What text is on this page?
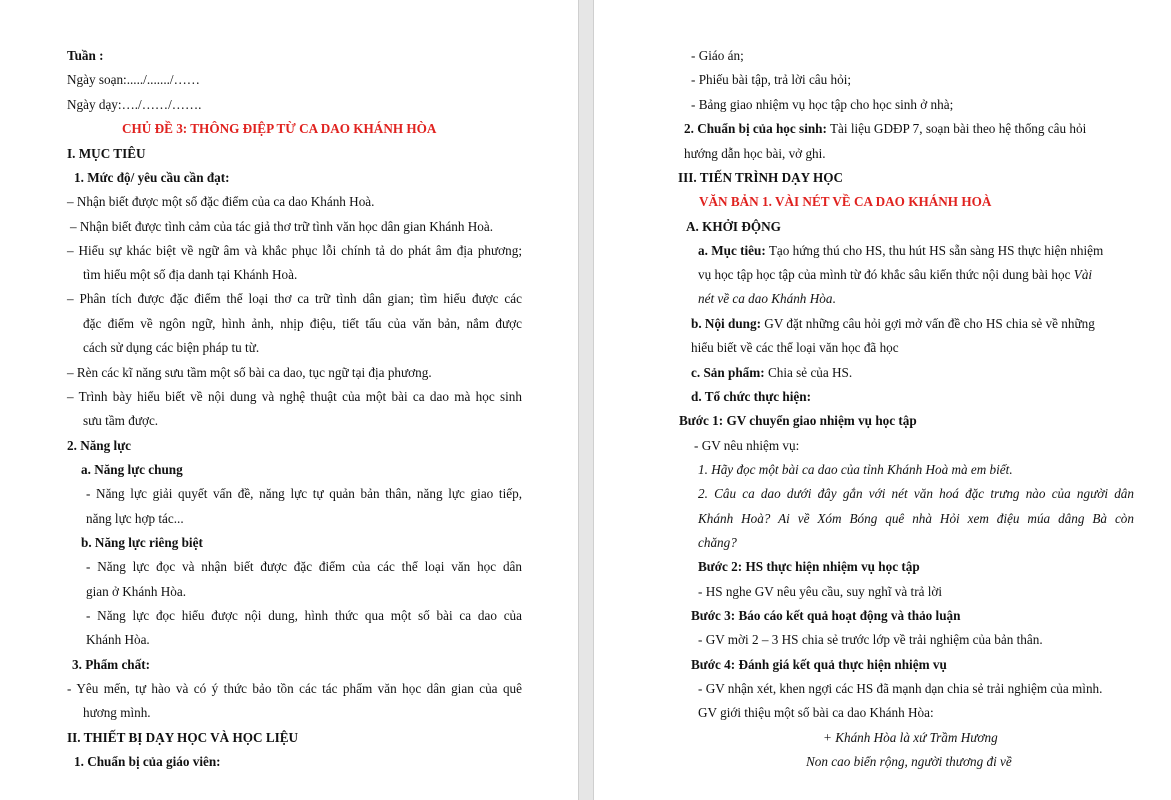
Tuần :
Ngày soạn:...../......./……
Ngày dạy:…./……/…….
CHỦ ĐỀ 3: THÔNG ĐIỆP TỪ CA DAO KHÁNH HÒA
I. MỤC TIÊU
1. Mức độ/ yêu cầu cần đạt:
– Nhận biết được một số đặc điểm của ca dao Khánh Hoà.
– Nhận biết được tình cảm của tác giả thơ trữ tình văn học dân gian Khánh Hoà.
– Hiểu sự khác biệt về ngữ âm và khắc phục lỗi chính tả do phát âm địa phương;
tìm hiểu một số địa danh tại Khánh Hoà.
– Phân tích được đặc điểm thể loại thơ ca trữ tình dân gian; tìm hiểu được các
đặc điểm về ngôn ngữ, hình ảnh, nhịp điệu, tiết tấu của văn bản, nắm được
cách sử dụng các biện pháp tu từ.
– Rèn các kĩ năng sưu tầm một số bài ca dao, tục ngữ tại địa phương.
– Trình bày hiểu biết về nội dung và nghệ thuật của một bài ca dao mà học sinh
sưu tầm được.
2. Năng lực
a. Năng lực chung
- Năng lực giải quyết vấn đề, năng lực tự quản bản thân, năng lực giao tiếp,
năng lực hợp tác...
b. Năng lực riêng biệt
- Năng lực đọc và nhận biết được đặc điểm của các thể loại văn học dân
gian ở Khánh Hòa.
- Năng lực đọc hiểu được nội dung, hình thức qua một số bài ca dao của
Khánh Hòa.
3. Phẩm chất:
- Yêu mến, tự hào và có ý thức bảo tồn các tác phẩm văn học dân gian của quê
hương mình.
II. THIẾT BỊ DẠY HỌC VÀ HỌC LIỆU
1. Chuẩn bị của giáo viên:
- Giáo án;
- Phiếu bài tập, trả lời câu hỏi;
- Bảng giao nhiệm vụ học tập cho học sinh ở nhà;
2. Chuẩn bị của học sinh: Tài liệu GDĐP 7, soạn bài theo hệ thống câu hỏi
hướng dẫn học bài, vở ghi.
III. TIẾN TRÌNH DẠY HỌC
VĂN BẢN 1. VÀI NÉT VỀ CA DAO KHÁNH HOÀ
A. KHỞI ĐỘNG
a. Mục tiêu: Tạo hứng thú cho HS, thu hút HS sẵn sàng HS thực hiện nhiệm
vụ học tập học tập của mình từ đó khắc sâu kiến thức nội dung bài học Vài
nét về ca dao Khánh Hòa.
b. Nội dung: GV đặt những câu hỏi gợi mở vấn đề cho HS chia sẻ về những
hiểu biết về các thể loại văn học đã học
c. Sản phẩm: Chia sẻ của HS.
d. Tổ chức thực hiện:
Bước 1: GV chuyển giao nhiệm vụ học tập
- GV nêu nhiệm vụ:
1. Hãy đọc một bài ca dao của tỉnh Khánh Hoà mà em biết.
2. Câu ca dao dưới đây gắn với nét văn hoá đặc trưng nào của người dân
Khánh Hoà? Ai về Xóm Bóng quê nhà Hỏi xem điệu múa dâng Bà còn
chăng?
Bước 2: HS thực hiện nhiệm vụ học tập
- HS nghe GV nêu yêu cầu, suy nghĩ và trả lời
Bước 3: Báo cáo kết quả hoạt động và thảo luận
- GV mời 2 – 3 HS chia sẻ trước lớp về trải nghiệm của bản thân.
Bước 4: Đánh giá kết quả thực hiện nhiệm vụ
- GV nhận xét, khen ngợi các HS đã mạnh dạn chia sẻ trải nghiệm của mình.
GV giới thiệu một số bài ca dao Khánh Hòa:
+ Khánh Hòa là xứ Trầm Hương
Non cao biển rộng, người thương đi về
